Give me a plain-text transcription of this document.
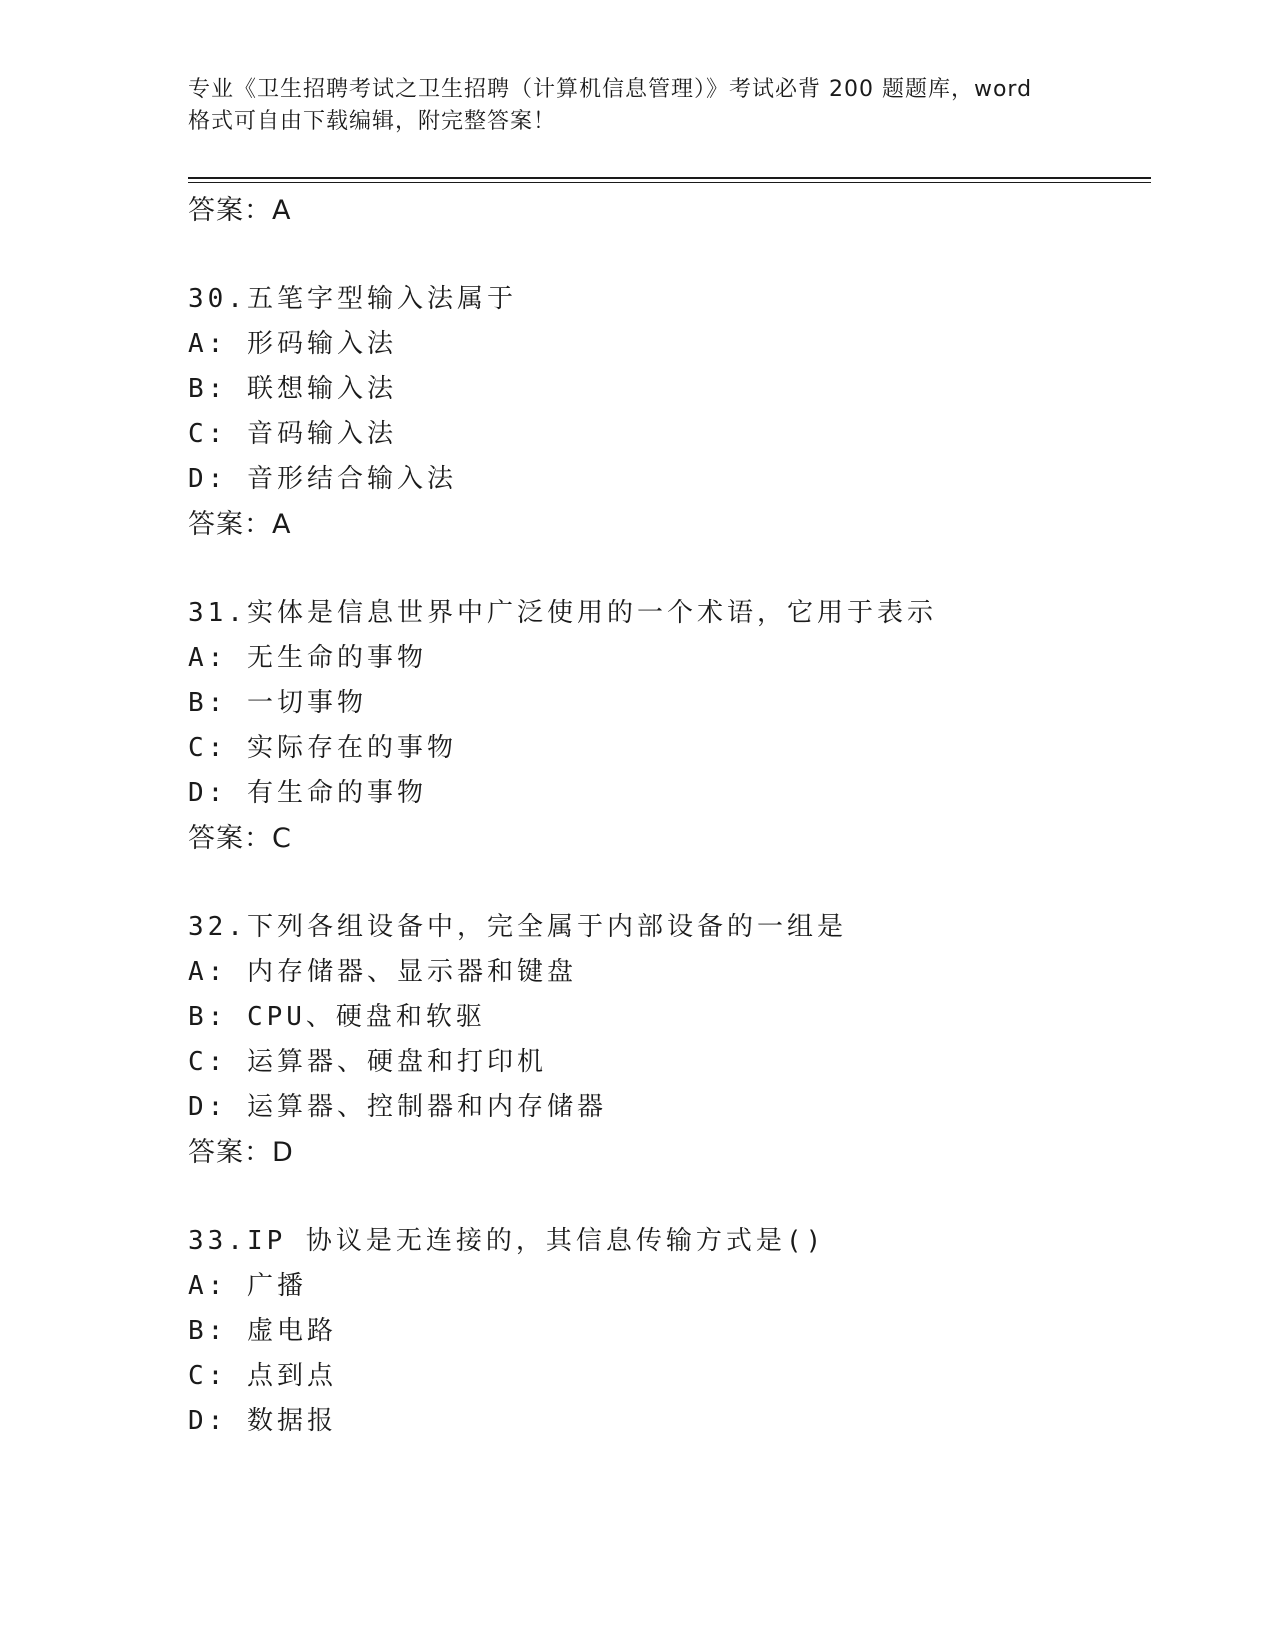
专业《卫生招聘考试之卫生招聘（计算机信息管理）》考试必背 200 题题库，word
格式可自由下载编辑，附完整答案！
答案：A
30.五笔字型输入法属于
A: 形码输入法
B: 联想输入法
C: 音码输入法
D: 音形结合输入法
答案：A
31.实体是信息世界中广泛使用的一个术语，它用于表示
A: 无生命的事物
B: 一切事物
C: 实际存在的事物
D: 有生命的事物
答案：C
32.下列各组设备中，完全属于内部设备的一组是
A: 内存储器、显示器和键盘
B: CPU、硬盘和软驱
C: 运算器、硬盘和打印机
D: 运算器、控制器和内存储器
答案：D
33.IP 协议是无连接的，其信息传输方式是()
A: 广播
B: 虚电路
C: 点到点
D: 数据报
